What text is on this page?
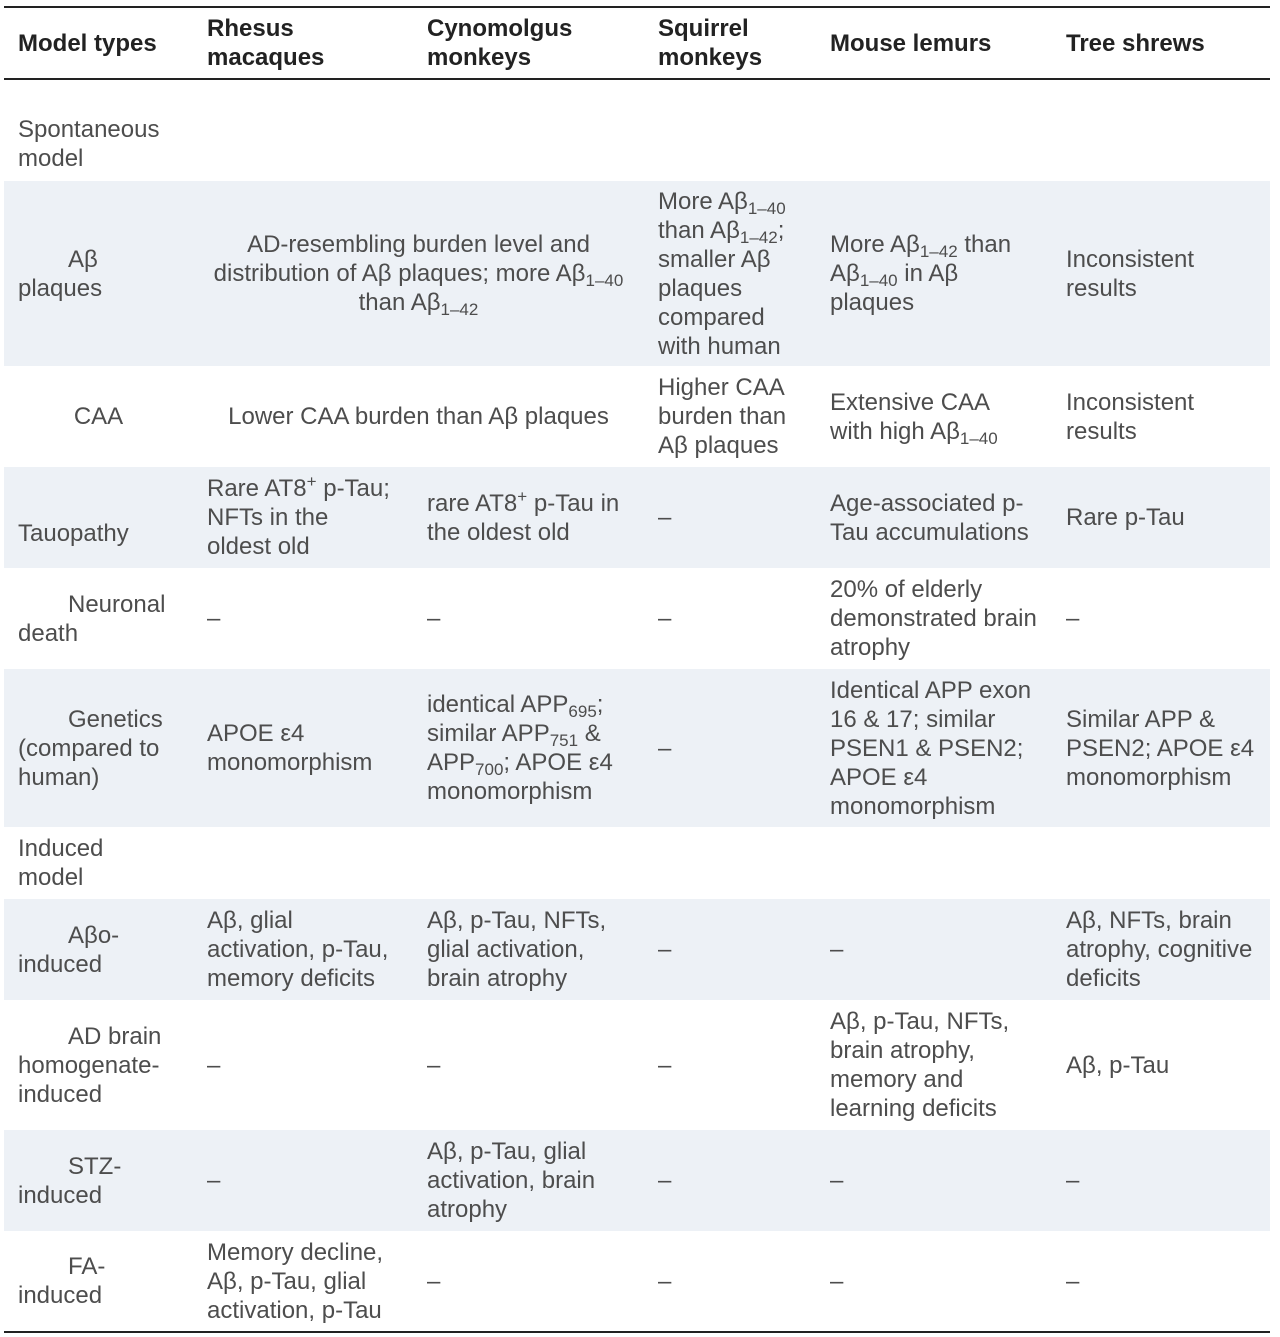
Model types	Rhesus macaques	Cynomolgus monkeys	Squirrel monkeys	Mouse lemurs	Tree shrews
Spontaneous model					
Aβ plaques	AD-resembling burden level and distribution of Aβ plaques; more $A\beta_{1-40}$ than $A\beta_{1-42}$		More $A\beta_{1-40}$ than $A\beta_{1-42}$; smaller Aβ plaques compared with human	More $A\beta_{1-42}$ than $A\beta_{1-40}$ in Aβ plaques	Inconsistent results
CAA	Lower CAA burden than Aβ plaques		Higher CAA burden than Aβ plaques	Extensive CAA with high $A\beta_{1-40}$	Inconsistent results
Tauopathy	Rare AT8+ p-Tau; NFTs in the oldest old	rare AT8+ p-Tau in the oldest old	–	Age-associated p-Tau accumulations	Rare p-Tau
Neuronal death	–	–	–	20% of elderly demonstrated brain atrophy	–
Genetics (compared to human)	APOE ε4 monomorphism	identical $APP_{695}$; similar $APP_{751}$ & $APP_{700}$; APOE ε4 monomorphism	–	Identical APP exon 16 & 17; similar PSEN1 & PSEN2; APOE ε4 monomorphism	Similar APP & PSEN2; APOE ε4 monomorphism
Induced model					
Aβo-induced	Aβ, glial activation, p-Tau, memory deficits	Aβ, p-Tau, NFTs, glial activation, brain atrophy	–	–	Aβ, NFTs, brain atrophy, cognitive deficits
AD brain homogenate-induced	–	–	–	Aβ, p-Tau, NFTs, brain atrophy, memory and learning deficits	Aβ, p-Tau
STZ-induced	–	Aβ, p-Tau, glial activation, brain atrophy	–	–	–
FA-induced	Memory decline, Aβ, p-Tau, glial activation, p-Tau	–	–	–	–
